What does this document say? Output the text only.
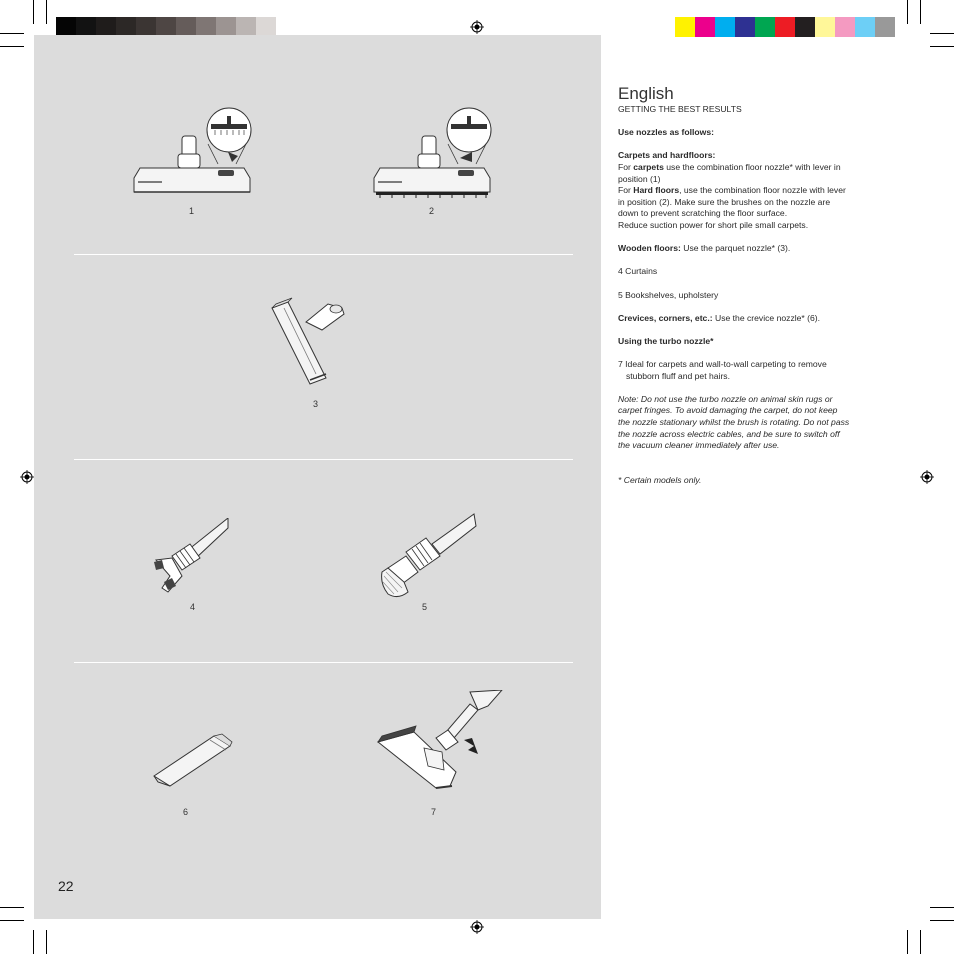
1	2
3
4	5
6	7
22
English

GETTING THE BEST RESULTS

Use nozzles as follows:

Carpets and hardfloors:

For carpets use the combination floor nozzle* with lever in position (1)

For Hard floors, use the combination floor nozzle with lever in position (2). Make sure the brushes on the nozzle are down to prevent scratching the floor surface.

Reduce suction power for short pile small carpets.

Wooden floors: Use the parquet nozzle* (3).

4 Curtains

5 Bookshelves, upholstery

Crevices, corners, etc.: Use the crevice nozzle* (6).

Using the turbo nozzle*

7 Ideal for carpets and wall-to-wall carpeting to remove stubborn fluff and pet hairs.

Note: Do not use the turbo nozzle on animal skin rugs or carpet fringes. To avoid damaging the carpet, do not keep the nozzle stationary whilst the brush is rotating. Do not pass the nozzle across electric cables, and be sure to switch off the vacuum cleaner immediately after use.

* Certain models only.
